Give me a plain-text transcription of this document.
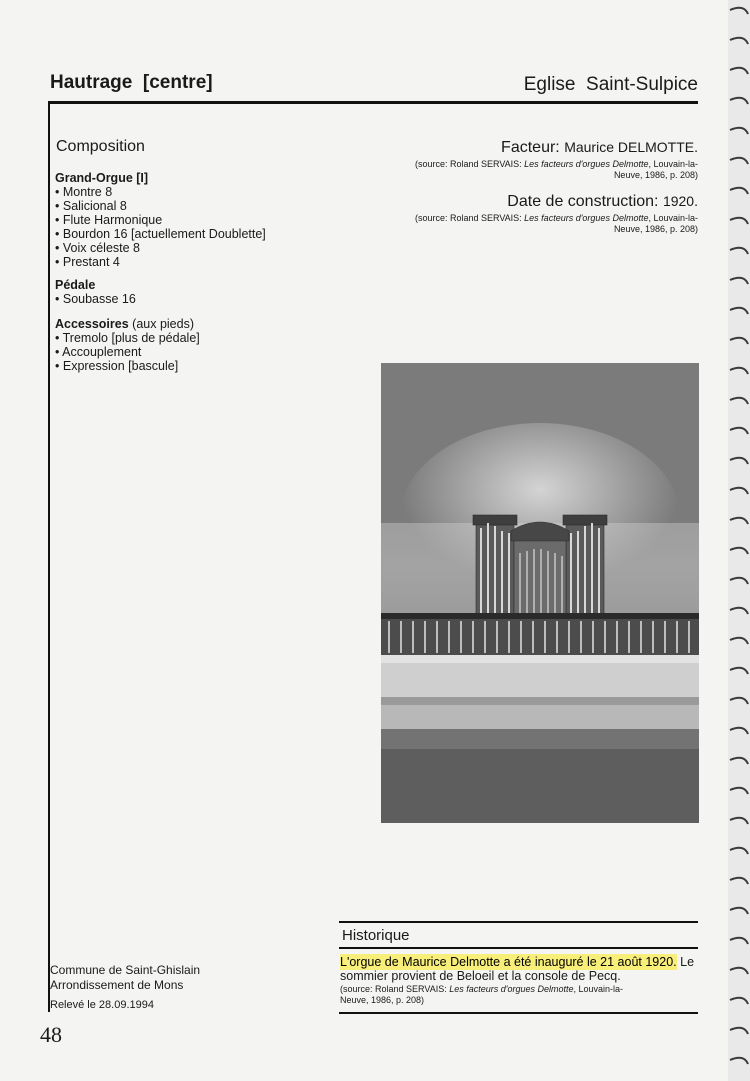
Hautrage  [centre]	Eglise  Saint-Sulpice
Composition
Grand-Orgue [I]
• Montre 8
• Salicional 8
• Flute Harmonique
• Bourdon 16 [actuellement Doublette]
• Voix céleste 8
• Prestant 4
Pédale
• Soubasse 16
Accessoires (aux pieds)
• Tremolo [plus de pédale]
• Accouplement
• Expression [bascule]
Facteur: Maurice DELMOTTE.
(source: Roland SERVAIS: Les facteurs d'orgues Delmotte, Louvain-la-
Neuve, 1986, p. 208)
Date de construction: 1920.
(source: Roland SERVAIS: Les facteurs d'orgues Delmotte, Louvain-la-
Neuve, 1986, p. 208)
Historique
L'orgue de Maurice Delmotte a été inauguré le 21 août 1920. Le
sommier provient de Beloeil et la console de Pecq.
(source: Roland SERVAIS: Les facteurs d'orgues Delmotte, Louvain-la-
Neuve, 1986, p. 208)
Commune de Saint-Ghislain
Arrondissement de Mons
Relevé le 28.09.1994
48
